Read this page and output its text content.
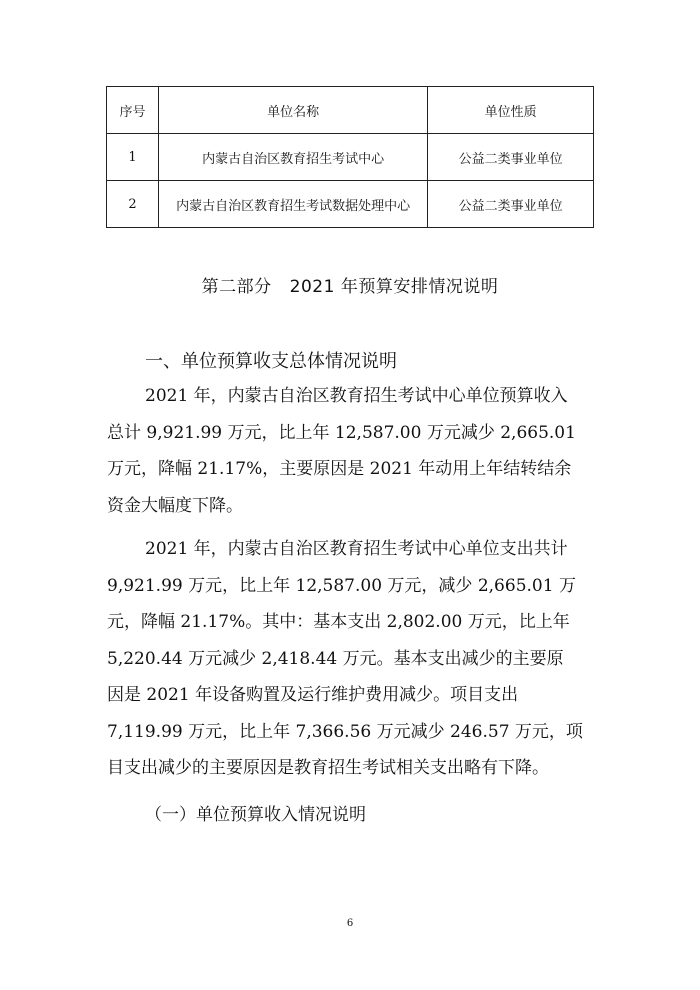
序号	单位名称	单位性质
1	内蒙古自治区教育招生考试中心	公益二类事业单位
2	内蒙古自治区教育招生考试数据处理中心	公益二类事业单位
第二部分 2021 年预算安排情况说明
一、单位预算收支总体情况说明

2021 年，内蒙古自治区教育招生考试中心单位预算收入
总计 9,921.99 万元，比上年 12,587.00 万元减少 2,665.01
万元，降幅 21.17%，主要原因是 2021 年动用上年结转结余
资金大幅度下降。

2021 年，内蒙古自治区教育招生考试中心单位支出共计
9,921.99 万元，比上年 12,587.00 万元，减少 2,665.01 万
元，降幅 21.17%。其中：基本支出 2,802.00 万元，比上年
5,220.44 万元减少 2,418.44 万元。基本支出减少的主要原
因是 2021 年设备购置及运行维护费用减少。项目支出
7,119.99 万元，比上年 7,366.56 万元减少 246.57 万元，项
目支出减少的主要原因是教育招生考试相关支出略有下降。

（一）单位预算收入情况说明
6
